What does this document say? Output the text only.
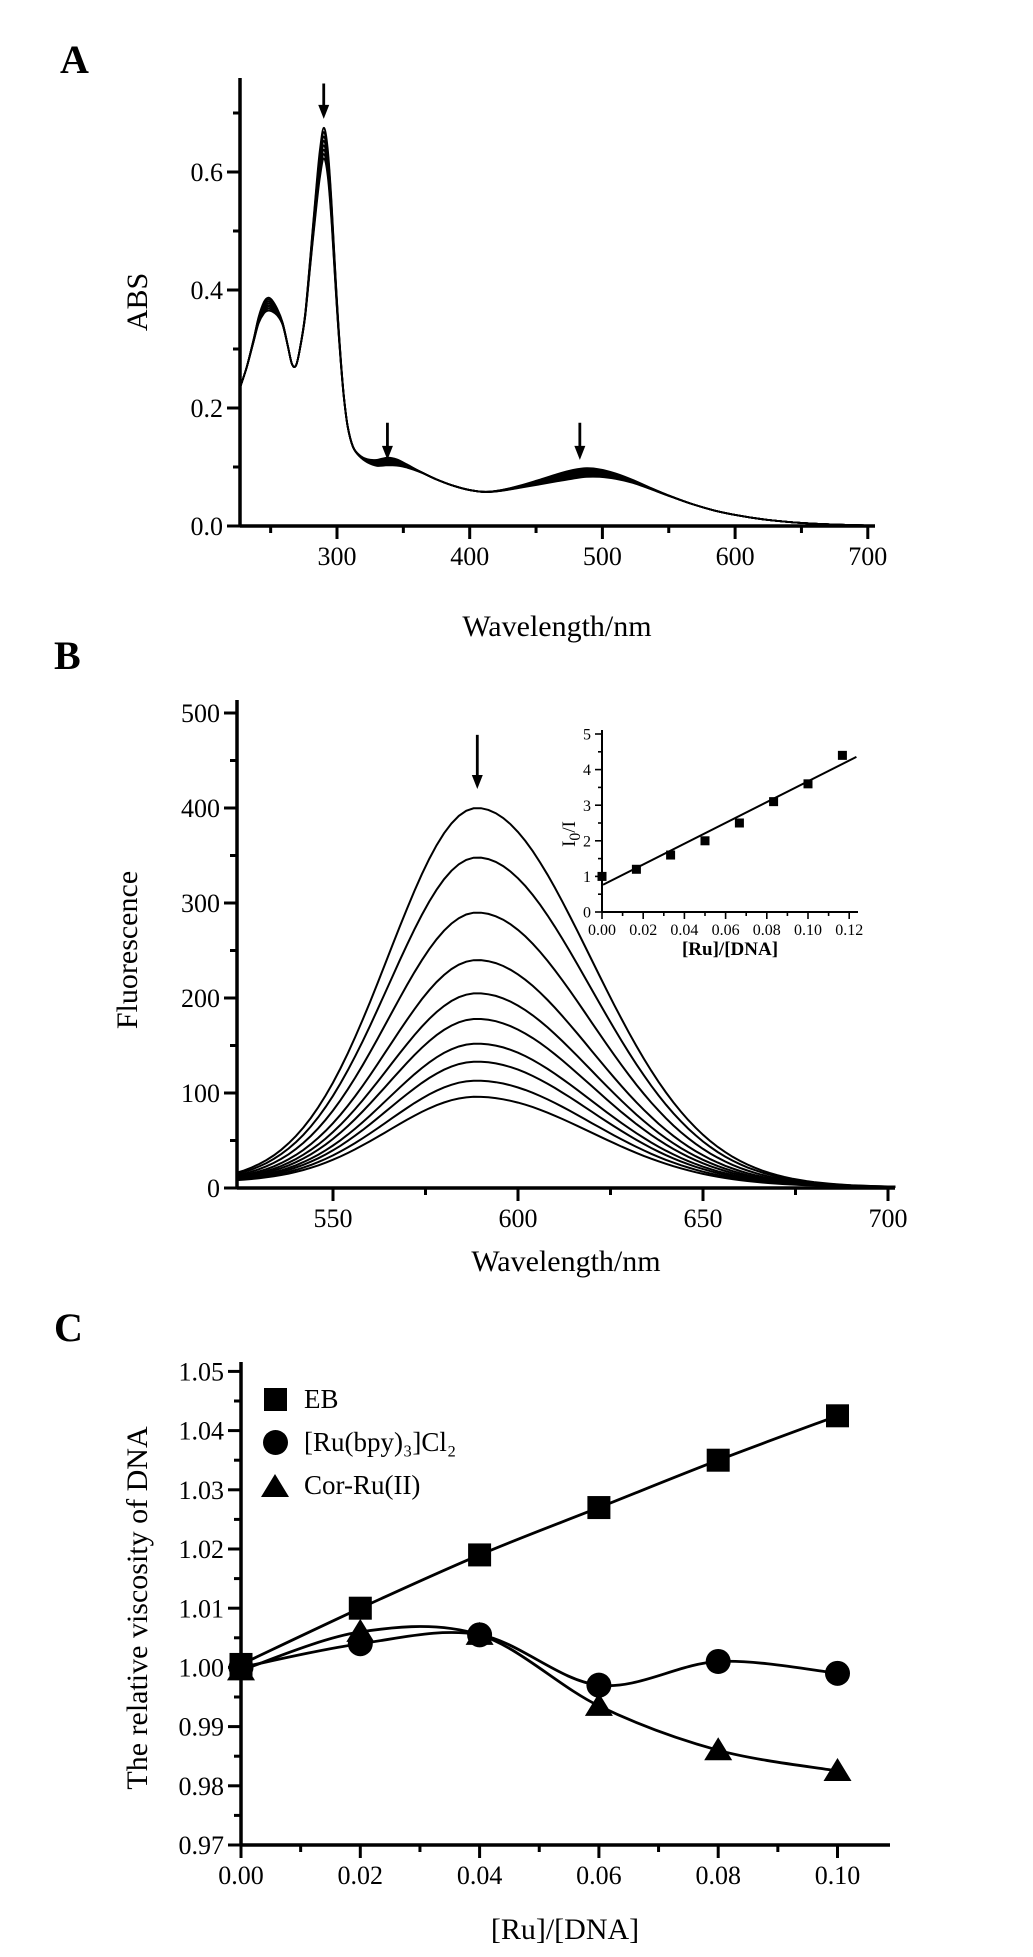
300	400	500	600	700
0.0
0.2
0.4
0.6
550	600	650	700
0
100
200
300
400
500
0.00 0.02 0.04 0.06 0.08 0.10 0.12
0
1
2
3
4
5
0.00	0.02	0.04	0.06	0.08	0.10
0.97
0.98
0.99
1.00
1.01
1.02
1.03
1.04
1.05
A
B
C
Wavelength/nm
ABS
Wavelength/nm
Fluorescence	[Ru]/[DNA]
$I_0/I$
[Ru]/[DNA]
The relative viscosity of DNA
EB
[Ru(bpy)₃]Cl₂
Cor-Ru(II)
